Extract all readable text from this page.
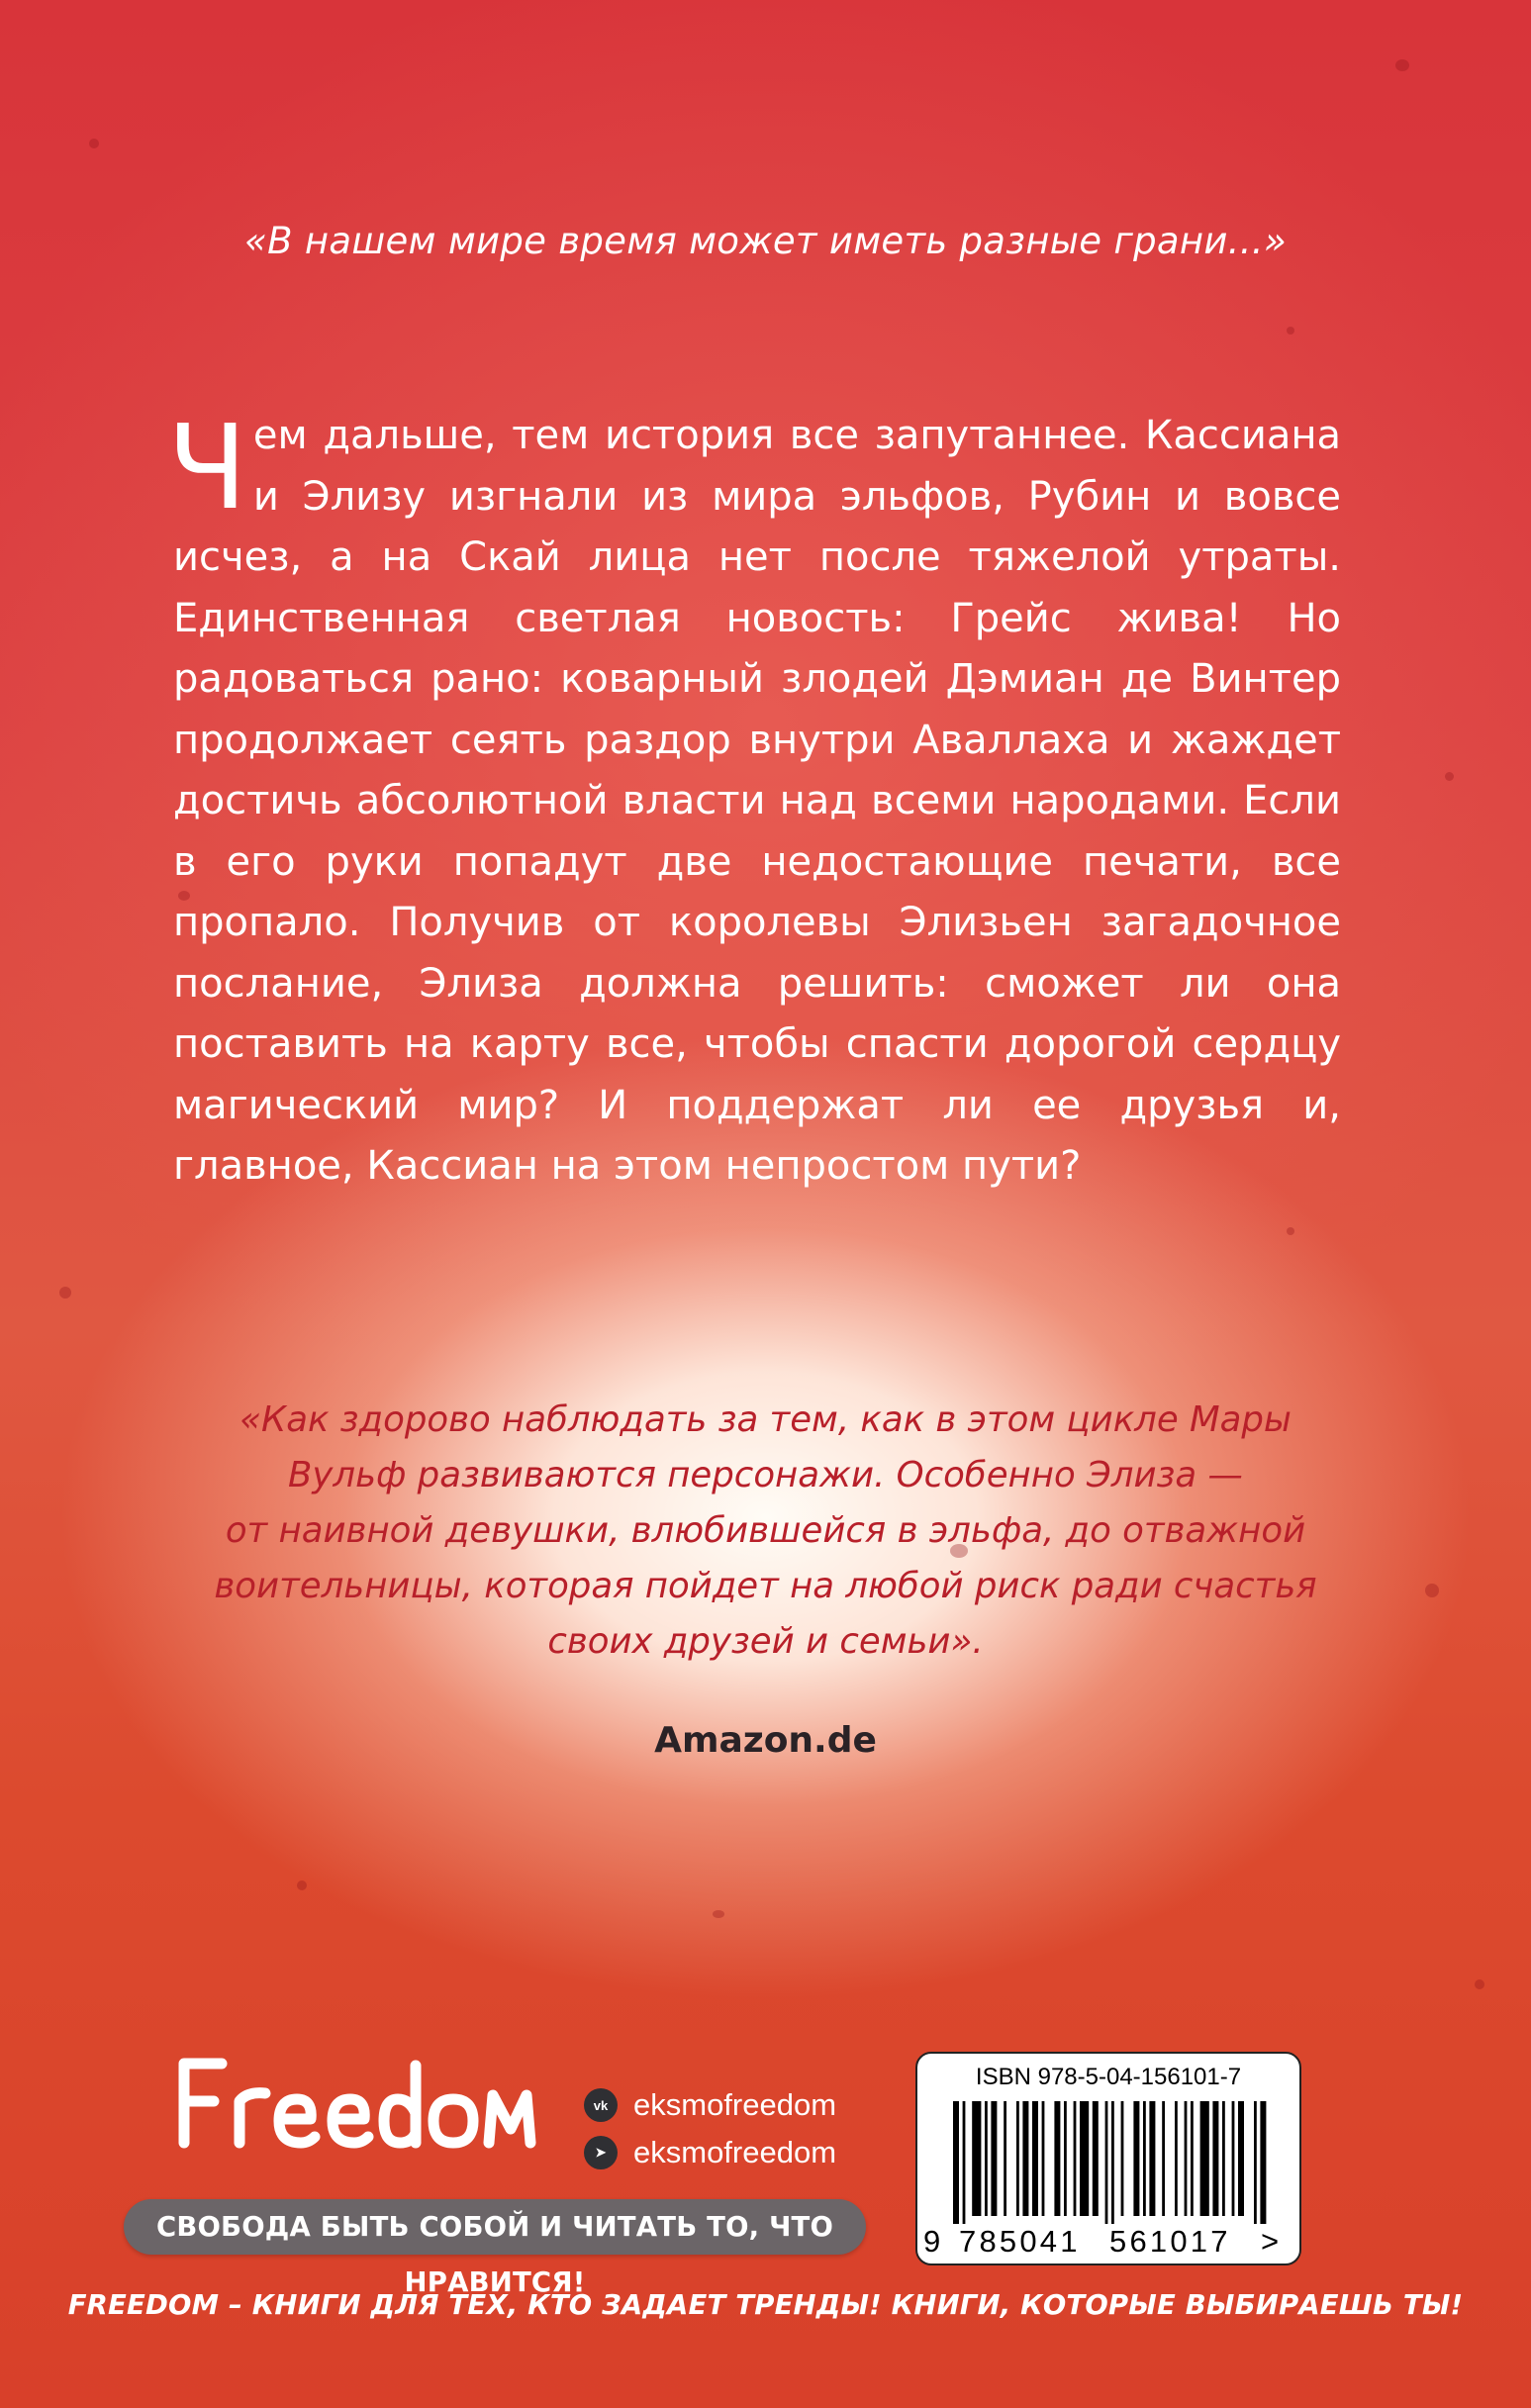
«В нашем мире время может иметь разные грани...»

Чем дальше, тем история все запутаннее. Кассиана и Элизу изгнали из мира эльфов, Рубин и вовсе исчез, а на Скай лица нет после тяжелой утраты. Единственная светлая новость: Грейс жива! Но радоваться рано: коварный злодей Дэмиан де Винтер продолжает сеять раздор внутри Аваллаха и жаждет достичь абсолютной власти над всеми народами. Если в его руки попадут две недостающие печати, все пропало. Получив от королевы Элизьен загадочное послание, Элиза должна решить: сможет ли она поставить на карту все, чтобы спасти дорогой сердцу магический мир? И поддержат ли ее друзья и, главное, Кассиан на этом непростом пути?

«Как здорово наблюдать за тем, как в этом цикле Мары
Вульф развиваются персонажи. Особенно Элиза —
от наивной девушки, влюбившейся в эльфа, до отважной
воительницы, которая пойдет на любой риск ради счастья
своих друзей и семьи».

Amazon.de
vk eksmofreedom
➤ eksmofreedom
СВОБОДА БЫТЬ СОБОЙ И ЧИТАТЬ ТО, ЧТО НРАВИТСЯ!
FREEDOM – КНИГИ ДЛЯ ТЕХ, КТО ЗАДАЕТ ТРЕНДЫ! КНИГИ, КОТОРЫЕ ВЫБИРАЕШЬ ТЫ!
ISBN 978-5-04-156101-7
9 785041 561017 >
